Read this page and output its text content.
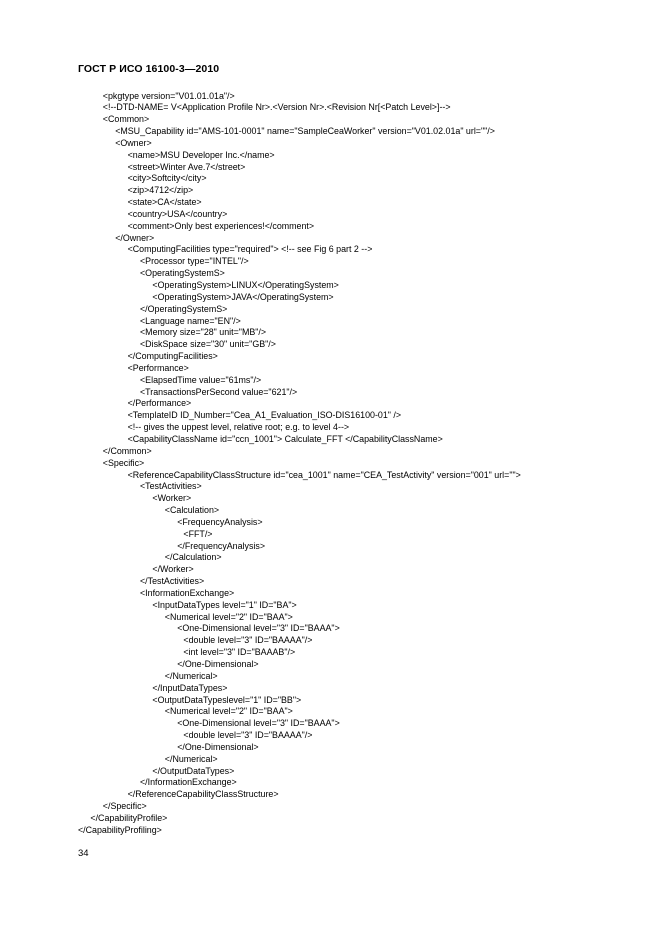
ГОСТ Р ИСО 16100-3—2010
<pkgtype version="V01.01.01a"/>
<!--DTD-NAME= V<Application Profile Nr>.<Version Nr>.<Revision Nr[<Patch Level>]-->
<Common>
<MSU_Capability id="AMS-101-0001" name="SampleCeaWorker" version="V01.02.01a" url=""/>
<Owner>
<name>MSU Developer Inc.</name>
<street>Winter Ave.7</street>
<city>Softcity</city>
<zip>4712</zip>
<state>CA</state>
<country>USA</country>
<comment>Only best experiences!</comment>
</Owner>
<ComputingFacilities type="required"> <!-- see Fig 6 part 2 -->
<Processor type="INTEL"/>
<OperatingSystemS>
<OperatingSystem>LINUX</OperatingSystem>
<OperatingSystem>JAVA</OperatingSystem>
</OperatingSystemS>
<Language name="EN"/>
<Memory size="28" unit="MB"/>
<DiskSpace size="30" unit="GB"/>
</ComputingFacilities>
<Performance>
<ElapsedTime value="61ms"/>
<TransactionsPerSecond value="621"/>
</Performance>
<TemplateID ID_Number="Cea_A1_Evaluation_ISO-DIS16100-01" />
<!-- gives the uppest level, relative root; e.g. to level 4-->
<CapabilityClassName id="ccn_1001"> Calculate_FFT </CapabilityClassName>
</Common>
<Specific>
<ReferenceCapabilityClassStructure id="cea_1001" name="CEA_TestActivity" version="001" url="">
<TestActivities>
<Worker>
<Calculation>
<FrequencyAnalysis>
<FFT/>
</FrequencyAnalysis>
</Calculation>
</Worker>
</TestActivities>
<InformationExchange>
<InputDataTypes level="1" ID="BA">
<Numerical level="2" ID="BAA">
<One-Dimensional level="3" ID="BAAA">
<double level="3" ID="BAAAA"/>
<int level="3" ID="BAAAB"/>
</One-Dimensional>
</Numerical>
</InputDataTypes>
<OutputDataTypeslevel="1" ID="BB">
<Numerical level="2" ID="BAA">
<One-Dimensional level="3" ID="BAAA">
<double level="3" ID="BAAAA"/>
</One-Dimensional>
</Numerical>
</OutputDataTypes>
</InformationExchange>
</ReferenceCapabilityClassStructure>
</Specific>
</CapabilityProfile>
</CapabilityProfiling>
34
